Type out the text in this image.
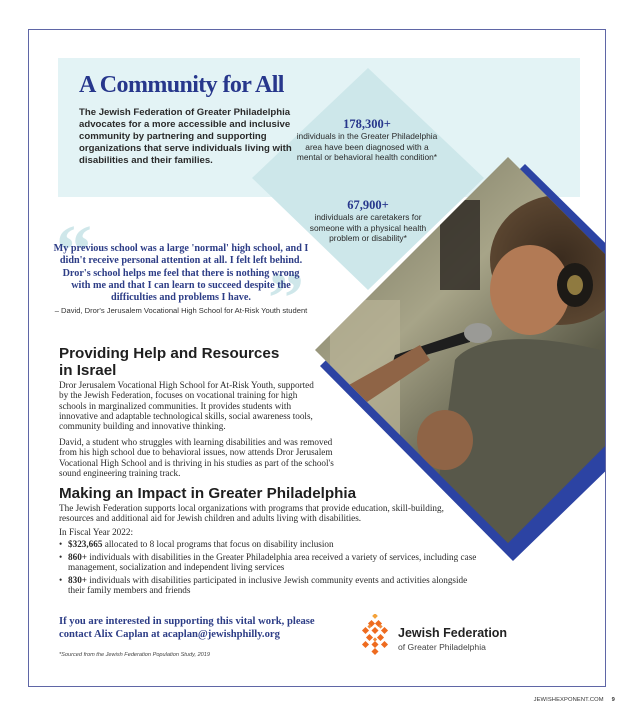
A Community for All

The Jewish Federation of Greater Philadelphia advocates for a more accessible and inclusive community by partnering and supporting organizations that serve individuals living with disabilities and their families.

178,300+
individuals in the Greater Philadelphia area have been diagnosed with a mental or behavioral health condition*
67,900+
individuals are caretakers for someone with a physical health problem or disability*
“
”

My previous school was a large 'normal' high school, and I didn't receive personal attention at all. I felt left behind. Dror's school helps me feel that there is nothing wrong with me and that I can learn to succeed despite the difficulties and problems I have.

– David, Dror's Jerusalem Vocational High School for At-Risk Youth student
Providing Help and Resources in Israel

Dror Jerusalem Vocational High School for At-Risk Youth, supported by the Jewish Federation, focuses on vocational training for high schools in marginalized communities. It provides students with innovative and adaptable technological skills, social awareness tools, community building and innovative thinking.

David, a student who struggles with learning disabilities and was removed from his high school due to behavioral issues, now attends Dror Jerusalem Vocational High School and is thriving in his studies as part of the school's sound engineering training track.

Making an Impact in Greater Philadelphia

The Jewish Federation supports local organizations with programs that provide education, skill-building, resources and additional aid for Jewish children and adults living with disabilities.

In Fiscal Year 2022:

• $323,665 allocated to 8 local programs that focus on disability inclusion
• 860+ individuals with disabilities in the Greater Philadelphia area received a variety of services, including case management, socialization and independent living services
• 830+ individuals with disabilities participated in inclusive Jewish community events and activities alongside their family members and friends

If you are interested in supporting this vital work, please contact Alix Caplan at acaplan@jewishphilly.org

*Sourced from the Jewish Federation Population Study, 2019
Jewish Federation
of Greater Philadelphia
JEWISHEXPONENT.COM 9
